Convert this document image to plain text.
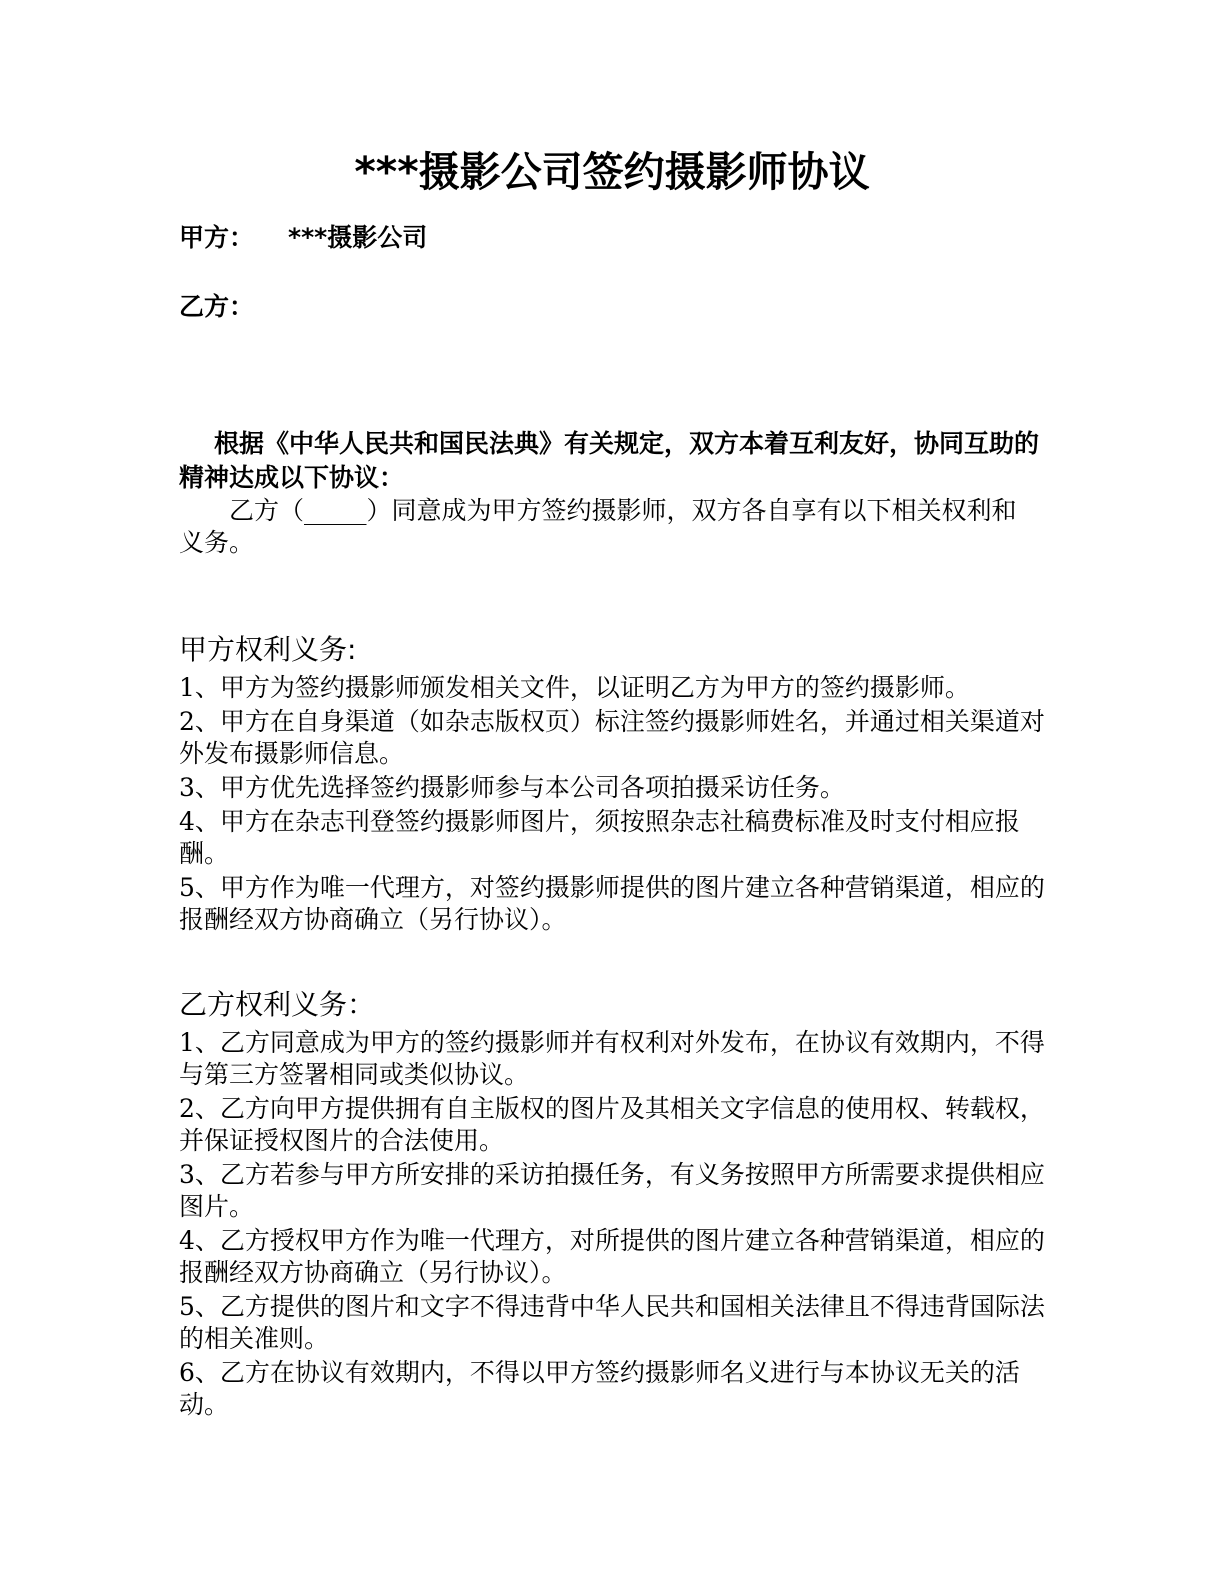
***摄影公司签约摄影师协议
甲方： ***摄影公司
乙方：

根据《中华人民共和国民法典》有关规定，双方本着互利友好，协同互助的精神达成以下协议：

乙方（_____）同意成为甲方签约摄影师，双方各自享有以下相关权利和义务。

甲方权利义务:
1、甲方为签约摄影师颁发相关文件，以证明乙方为甲方的签约摄影师。
2、甲方在自身渠道（如杂志版权页）标注签约摄影师姓名，并通过相关渠道对外发布摄影师信息。
3、甲方优先选择签约摄影师参与本公司各项拍摄采访任务。
4、甲方在杂志刊登签约摄影师图片，须按照杂志社稿费标准及时支付相应报酬。
5、甲方作为唯一代理方，对签约摄影师提供的图片建立各种营销渠道，相应的报酬经双方协商确立（另行协议）。
乙方权利义务：
1、乙方同意成为甲方的签约摄影师并有权利对外发布，在协议有效期内，不得与第三方签署相同或类似协议。
2、乙方向甲方提供拥有自主版权的图片及其相关文字信息的使用权、转载权，并保证授权图片的合法使用。
3、乙方若参与甲方所安排的采访拍摄任务，有义务按照甲方所需要求提供相应图片。
4、乙方授权甲方作为唯一代理方，对所提供的图片建立各种营销渠道，相应的报酬经双方协商确立（另行协议）。
5、乙方提供的图片和文字不得违背中华人民共和国相关法律且不得违背国际法的相关准则。
6、乙方在协议有效期内，不得以甲方签约摄影师名义进行与本协议无关的活动。
